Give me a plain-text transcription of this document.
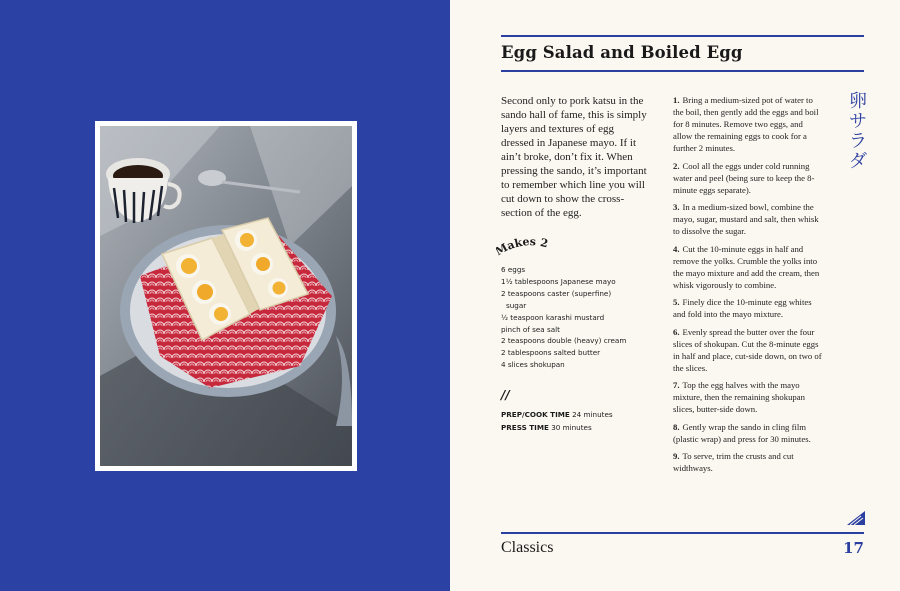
Egg Salad and Boiled Egg
卵
サ
ラ
ダ

Second only to pork katsu in the sando hall of fame, this is simply layers and textures of egg dressed in Japanese mayo. If it ain’t broke, don’t fix it. When pressing the sando, it’s important to remember which line you will cut down to show the cross-section of the egg.

akes 2
6 eggs
1½ tablespoons Japanese mayo
2 teaspoons caster (superfine)
sugar
½ teaspoon karashi mustard
pinch of sea salt
2 teaspoons double (heavy) cream
2 tablespoons salted butter
4 slices shokupan
//
PREP/COOK TIME 24 minutes
PRESS TIME 30 minutes
1. Bring a medium-sized pot of water to the boil, then gently add the eggs and boil for 8 minutes. Remove two eggs, and allow the remaining eggs to cook for a further 2 minutes.
2. Cool all the eggs under cold running water and peel (being sure to keep the 8-minute eggs separate).
3. In a medium-sized bowl, combine the mayo, sugar, mustard and salt, then whisk to dissolve the sugar.
4. Cut the 10-minute eggs in half and remove the yolks. Crumble the yolks into the mayo mixture and add the cream, then whisk vigorously to combine.
5. Finely dice the 10-minute egg whites and fold into the mayo mixture.
6. Evenly spread the butter over the four slices of shokupan. Cut the 8-minute eggs in half and place, cut-side down, on two of the slices.
7. Top the egg halves with the mayo mixture, then the remaining shokupan slices, butter-side down.
8. Gently wrap the sando in cling film (plastic wrap) and press for 30 minutes.
9. To serve, trim the crusts and cut widthways.
Classics	17
